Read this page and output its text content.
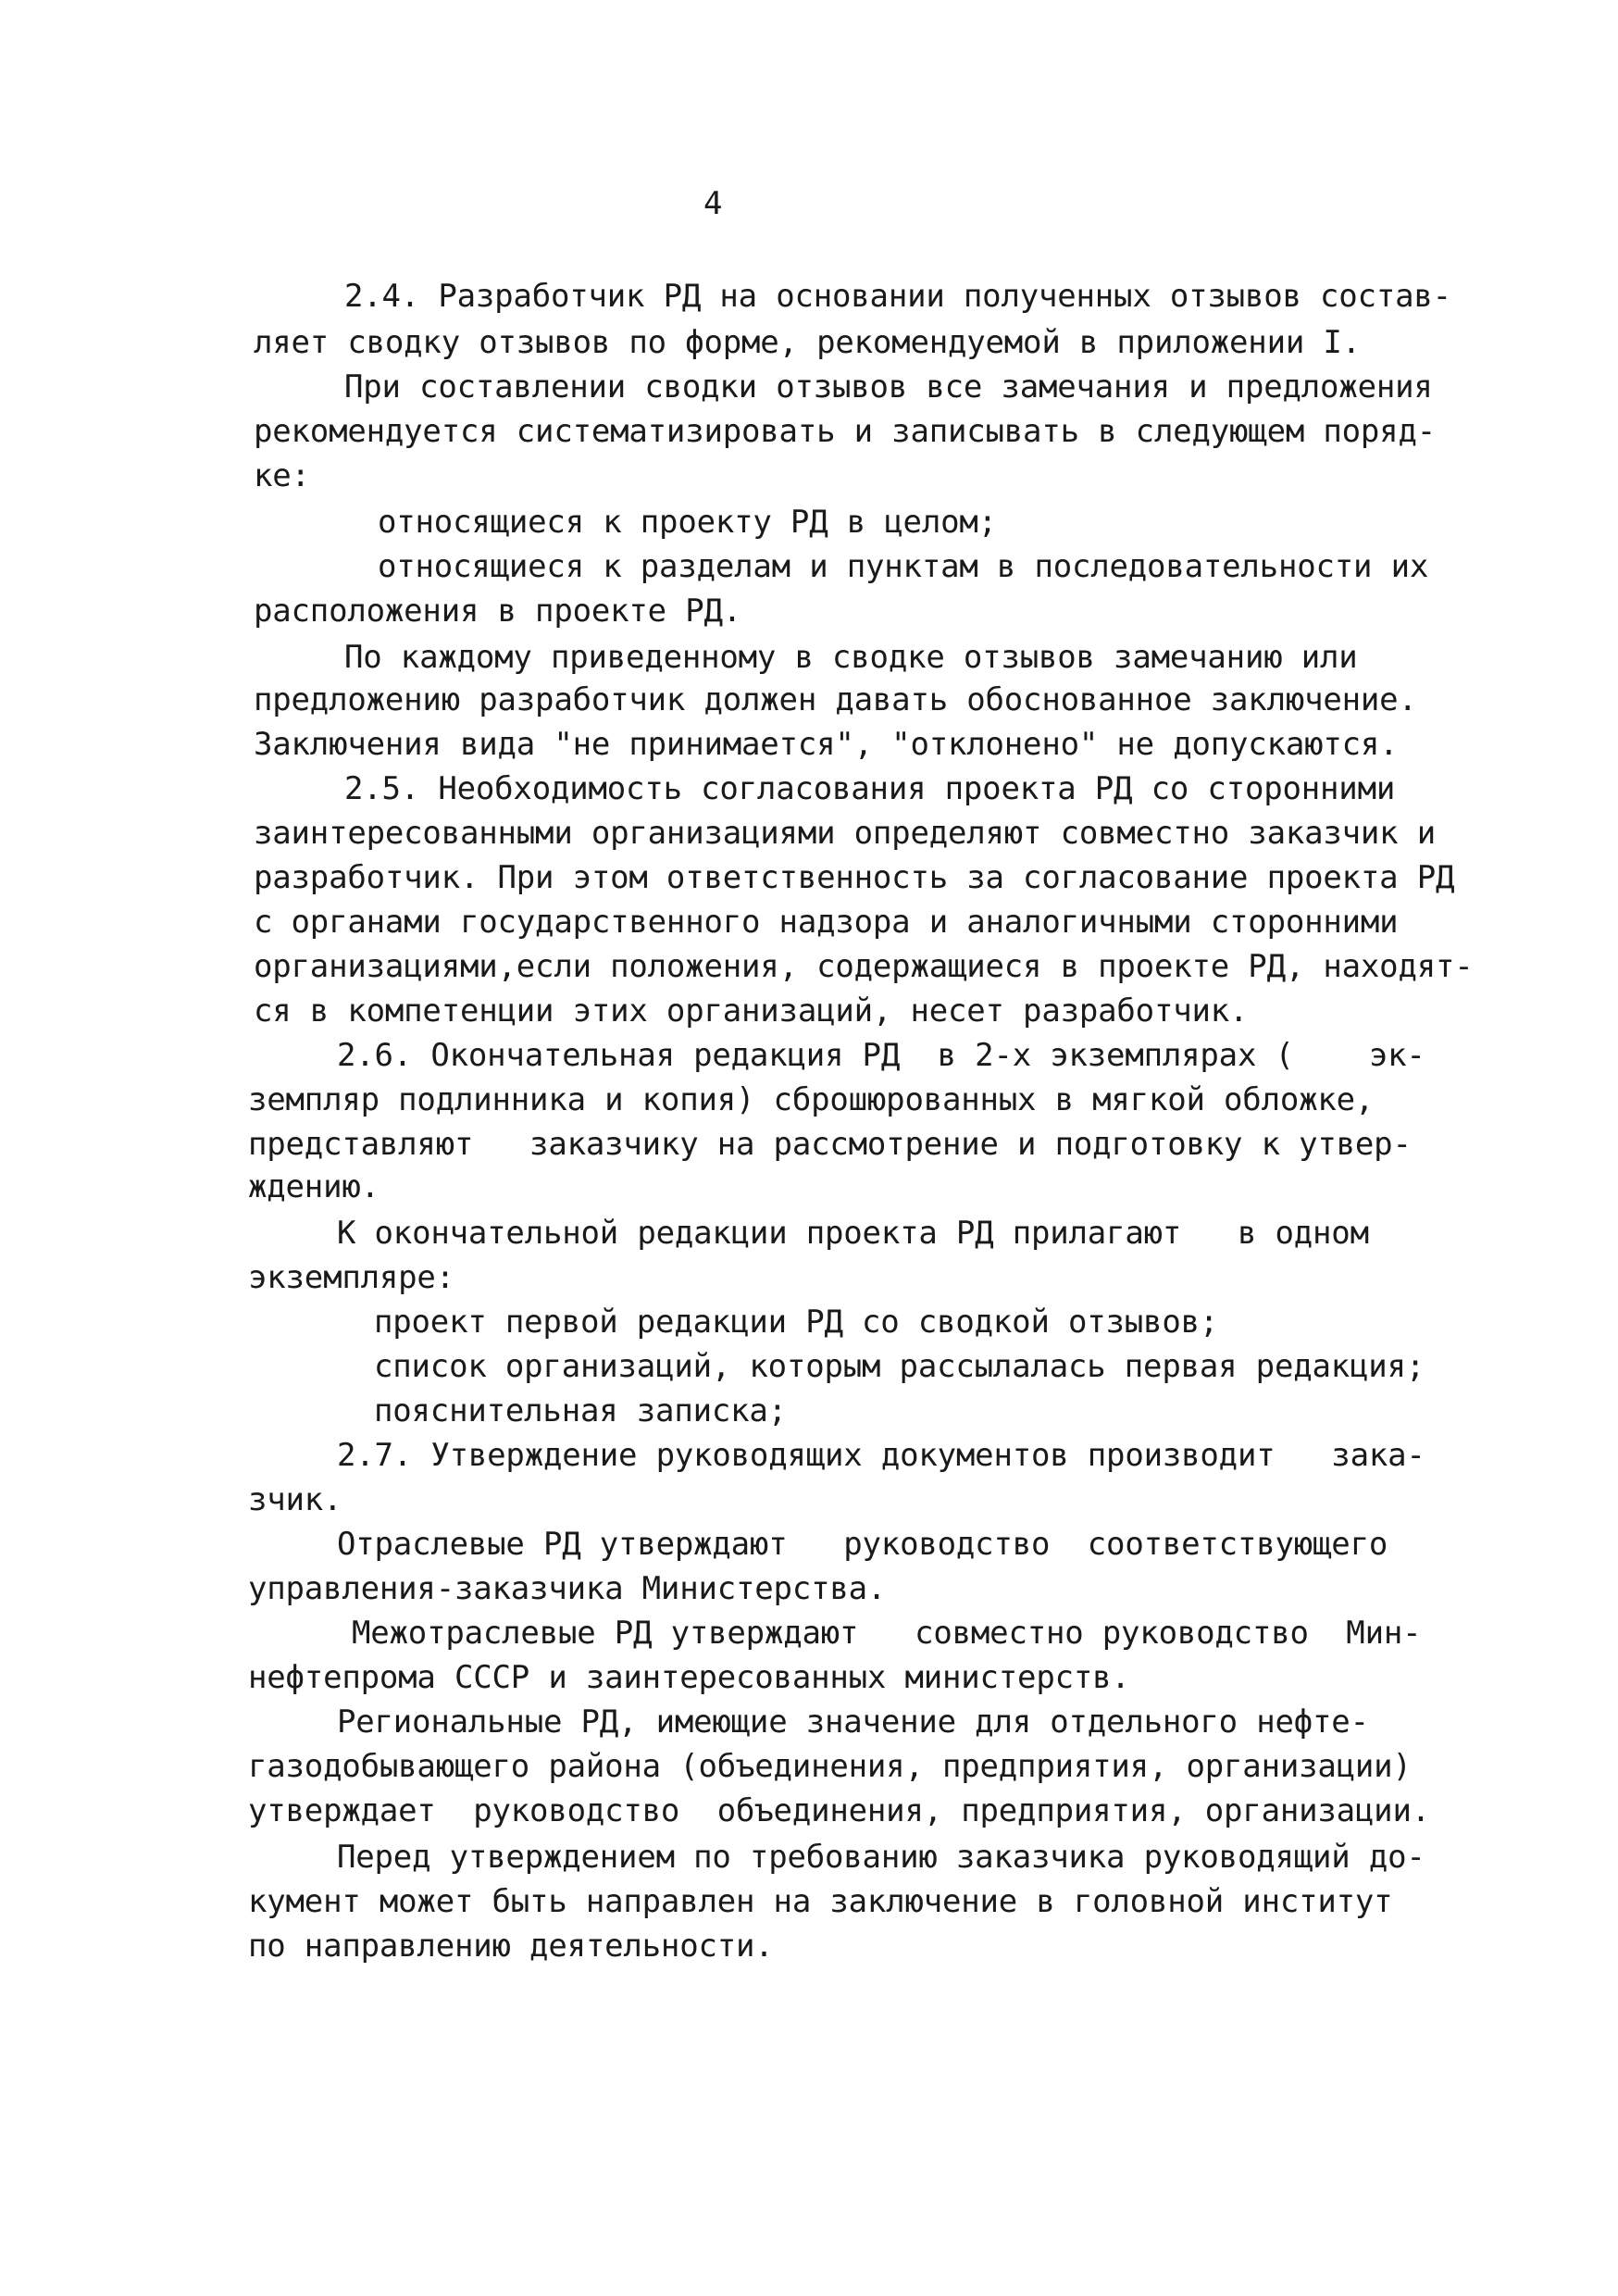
4
2.4. Разработчик РД на основании полученных отзывов состав-
ляет сводку отзывов по форме, рекомендуемой в приложении I.
При составлении сводки отзывов все замечания и предложения
рекомендуется систематизировать и записывать в следующем поряд-
ке:
относящиеся к проекту РД в целом;
относящиеся к разделам и пунктам в последовательности их
расположения в проекте РД.
По каждому приведенному в сводке отзывов замечанию или
предложению разработчик должен давать обоснованное заключение.
Заключения вида "не принимается", "отклонено" не допускаются.
2.5. Необходимость согласования проекта РД со сторонними
заинтересованными организациями определяют совместно заказчик и
разработчик. При этом ответственность за согласование проекта РД
с органами государственного надзора и аналогичными сторонними
организациями,если положения, содержащиеся в проекте РД, находят-
ся в компетенции этих организаций, несет разработчик.
2.6. Окончательная редакция РД  в 2-х экземплярах (    эк-
земпляр подлинника и копия) сброшюрованных в мягкой обложке,
представляют   заказчику на рассмотрение и подготовку к утвер-
ждению.
К окончательной редакции проекта РД прилагают   в одном
экземпляре:
проект первой редакции РД со сводкой отзывов;
список организаций, которым рассылалась первая редакция;
пояснительная записка;
2.7. Утверждение руководящих документов производит   зака-
зчик.
Отраслевые РД утверждают   руководство  соответствующего
управления-заказчика Министерства.
Межотраслевые РД утверждают   совместно руководство  Мин-
нефтепрома СССР и заинтересованных министерств.
Региональные РД, имеющие значение для отдельного нефте-
газодобывающего района (объединения, предприятия, организации)
утверждает  руководство  объединения, предприятия, организации.
Перед утверждением по требованию заказчика руководящий до-
кумент может быть направлен на заключение в головной институт
по направлению деятельности.
